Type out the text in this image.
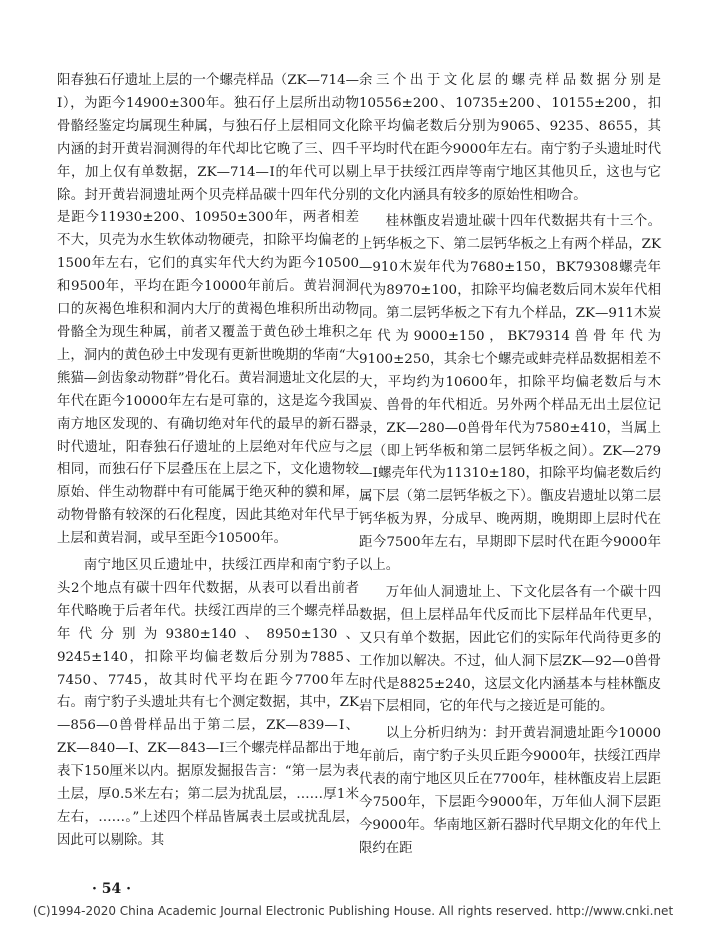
阳春独石仔遗址上层的一个螺壳样品（ZK—714—Ⅰ），为距今14900±300年。独石仔上层所出动物骨骼经鉴定均属现生种属，与独石仔上层相同文化内涵的封开黄岩洞测得的年代却比它晚了三、四千年，加上仅有单数据，ZK—714—Ⅰ的年代可以剔除。封开黄岩洞遗址两个贝壳样品碳十四年代分别是距今11930±200、10950±300年，两者相差不大，贝壳为水生软体动物硬壳，扣除平均偏老的1500年左右，它们的真实年代大约为距今10500和9500年，平均在距今10000年前后。黄岩洞洞口的灰褐色堆积和洞内大厅的黄褐色堆积所出动物骨骼全为现生种属，前者又覆盖于黄色砂土堆积之上，洞内的黄色砂土中发现有更新世晚期的华南“大熊猫—剑齿象动物群”骨化石。黄岩洞遗址文化层的年代在距今10000年左右是可靠的，这是迄今我国南方地区发现的、有确切绝对年代的最早的新石器时代遗址，阳春独石仔遗址的上层绝对年代应与之相同，而独石仔下层叠压在上层之下，文化遗物较原始、伴生动物群中有可能属于绝灭种的貘和犀，动物骨骼有较深的石化程度，因此其绝对年代早于上层和黄岩洞，或早至距今10500年。

南宁地区贝丘遗址中，扶绥江西岸和南宁豹子头2个地点有碳十四年代数据，从表可以看出前者年代略晚于后者年代。扶绥江西岸的三个螺壳样品年代分别为9380±140、8950±130、9245±140，扣除平均偏老数后分别为7885、7450、7745，故其时代平均在距今7700年左右。南宁豹子头遗址共有七个测定数据，其中，ZK—856—0兽骨样品出于第二层，ZK—839—Ⅰ、ZK—840—Ⅰ、ZK—843—Ⅰ三个螺壳样品都出于地表下150厘米以内。据原发掘报告言：“第一层为表土层，厚0.5米左右；第二层为扰乱层，……厚1米左右，……。”上述四个样品皆属表土层或扰乱层，因此可以剔除。其

余三个出于文化层的螺壳样品数据分别是10556±200、10735±200、10155±200，扣除平均偏老数后分别为9065、9235、8655，其平均时代在距今9000年左右。南宁豹子头遗址时代上早于扶绥江西岸等南宁地区其他贝丘，这也与它的文化内涵具有较多的原始性相吻合。

桂林甑皮岩遗址碳十四年代数据共有十三个。上钙华板之下、第二层钙华板之上有两个样品，ZK—910木炭年代为7680±150，BK79308螺壳年代为8970±100，扣除平均偏老数后同木炭年代相同。第二层钙华板之下有九个样品，ZK—911木炭年代为9000±150，BK79314兽骨年代为9100±250，其余七个螺壳或蚌壳样品数据相差不大，平均约为10600年，扣除平均偏老数后与木炭、兽骨的年代相近。另外两个样品无出土层位记录，ZK—280—0兽骨年代为7580±410，当属上层（即上钙华板和第二层钙华板之间）。ZK—279—Ⅰ螺壳年代为11310±180，扣除平均偏老数后约属下层（第二层钙华板之下）。甑皮岩遗址以第二层钙华板为界，分成早、晚两期，晚期即上层时代在距今7500年左右，早期即下层时代在距今9000年以上。

万年仙人洞遗址上、下文化层各有一个碳十四数据，但上层样品年代反而比下层样品年代更早，又只有单个数据，因此它们的实际年代尚待更多的工作加以解决。不过，仙人洞下层ZK—92—0兽骨时代是8825±240，这层文化内涵基本与桂林甑皮岩下层相同，它的年代与之接近是可能的。

以上分析归纳为：封开黄岩洞遗址距今10000年前后，南宁豹子头贝丘距今9000年，扶绥江西岸代表的南宁地区贝丘在7700年，桂林甑皮岩上层距今7500年，下层距今9000年，万年仙人洞下层距今9000年。华南地区新石器时代早期文化的年代上限约在距

· 54 ·
(C)1994-2020 China Academic Journal Electronic Publishing House. All rights reserved. http://www.cnki.net
